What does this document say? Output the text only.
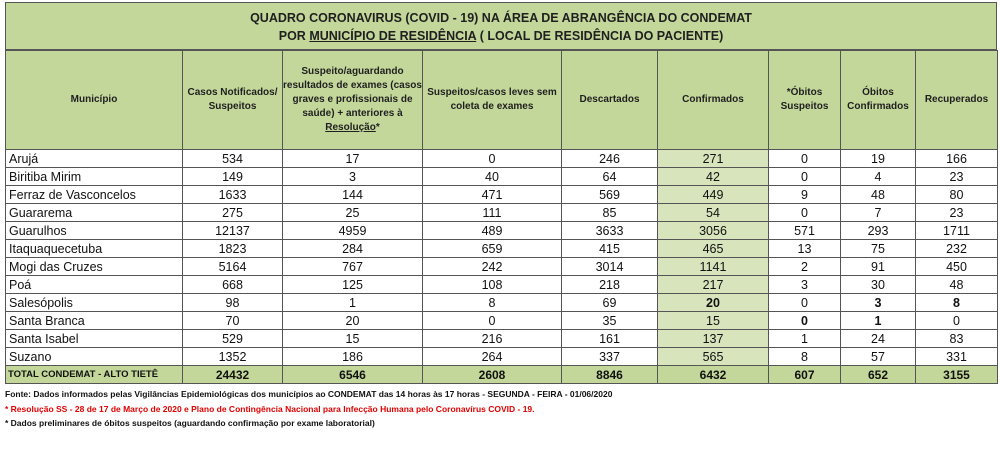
QUADRO CORONAVIRUS (COVID - 19) NA ÁREA DE ABRANGÊNCIA DO CONDEMAT
POR MUNICÍPIO DE RESIDÊNCIA ( LOCAL DE RESIDÊNCIA DO PACIENTE)
Município	Casos Notificados/ Suspeitos	Suspeito/aguardando resultados de exames (casos graves e profissionais de saúde) + anteriores à Resolução*	Suspeitos/casos leves sem coleta de exames	Descartados	Confirmados	*Óbitos Suspeitos	Óbitos Confirmados	Recuperados
Arujá	534	17	0	246	271	0	19	166
Biritiba Mirim	149	3	40	64	42	0	4	23
Ferraz de Vasconcelos	1633	144	471	569	449	9	48	80
Guararema	275	25	111	85	54	0	7	23
Guarulhos	12137	4959	489	3633	3056	571	293	1711
Itaquaquecetuba	1823	284	659	415	465	13	75	232
Mogi das Cruzes	5164	767	242	3014	1141	2	91	450
Poá	668	125	108	218	217	3	30	48
Salesópolis	98	1	8	69	20	0	3	8
Santa Branca	70	20	0	35	15	0	1	0
Santa Isabel	529	15	216	161	137	1	24	83
Suzano	1352	186	264	337	565	8	57	331
TOTAL CONDEMAT - ALTO TIETÊ	24432	6546	2608	8846	6432	607	652	3155
Fonte: Dados informados pelas Vigilâncias Epidemiológicas dos municípios ao CONDEMAT das 14 horas às 17 horas - SEGUNDA - FEIRA - 01/06/2020
* Resolução SS - 28 de 17 de Março de 2020 e Plano de Contingência Nacional para Infecção Humana pelo Coronavírus COVID - 19.
* Dados preliminares de óbitos suspeitos (aguardando confirmação por exame laboratorial)
